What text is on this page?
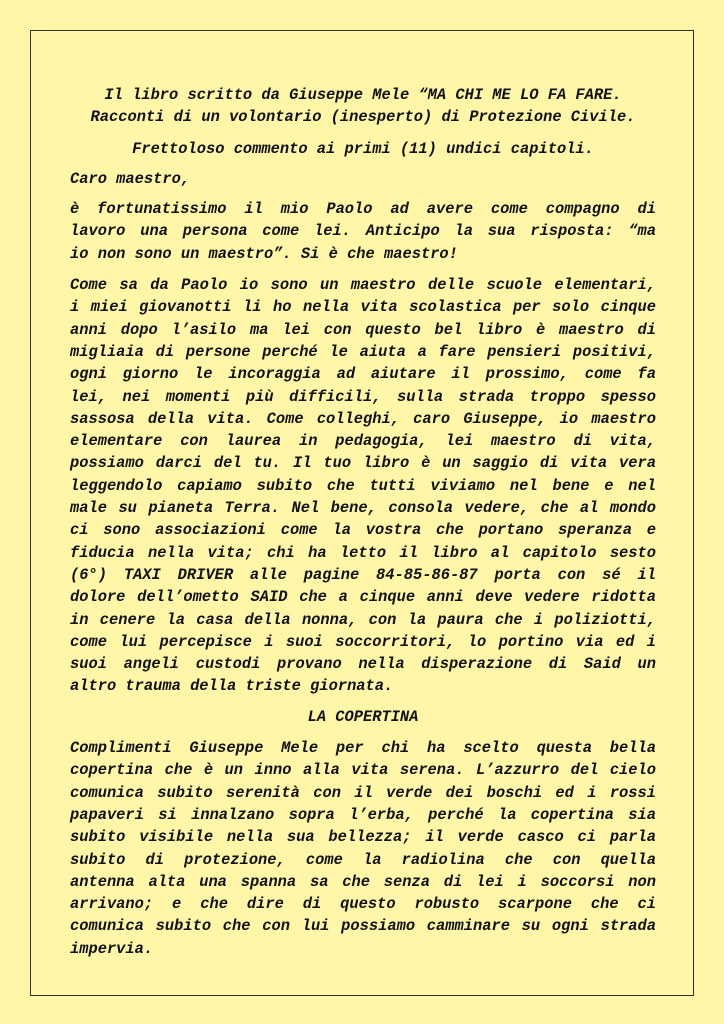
Il libro scritto da Giuseppe Mele “MA CHI ME LO FA FARE.
Racconti di un volontario (inesperto) di Protezione Civile.

Frettoloso commento ai primi (11) undici capitoli.

Caro maestro,

è fortunatissimo il mio Paolo ad avere come compagno di
lavoro una persona come lei. Anticipo la sua risposta: “ma
io non sono un maestro”. Si è che maestro!

Come sa da Paolo io sono un maestro delle scuole elementari,
i miei giovanotti li ho nella vita scolastica per solo cinque
anni dopo l’asilo ma lei con questo bel libro è maestro di
migliaia di persone perché le aiuta a fare pensieri positivi,
ogni giorno le incoraggia ad aiutare il prossimo, come fa
lei, nei momenti più difficili, sulla strada troppo spesso
sassosa della vita. Come colleghi, caro Giuseppe, io maestro
elementare con laurea in pedagogia, lei maestro di vita,
possiamo darci del tu. Il tuo libro è un saggio di vita vera
leggendolo capiamo subito che tutti viviamo nel bene e nel
male su pianeta Terra. Nel bene, consola vedere, che al mondo
ci sono associazioni come la vostra che portano speranza e
fiducia nella vita; chi ha letto il libro al capitolo sesto
(6°) TAXI DRIVER alle pagine 84-85-86-87 porta con sé il
dolore dell’ometto SAID che a cinque anni deve vedere ridotta
in cenere la casa della nonna, con la paura che i poliziotti,
come lui percepisce i suoi soccorritori, lo portino via ed i
suoi angeli custodi provano nella disperazione di Said un
altro trauma della triste giornata.

LA COPERTINA

Complimenti Giuseppe Mele per chi ha scelto questa bella
copertina che è un inno alla vita serena. L’azzurro del cielo
comunica subito serenità con il verde dei boschi ed i rossi
papaveri si innalzano sopra l’erba, perché la copertina sia
subito visibile nella sua bellezza; il verde casco ci parla
subito di protezione, come la radiolina che con quella
antenna alta una spanna sa che senza di lei i soccorsi non
arrivano; e che dire di questo robusto scarpone che ci
comunica subito che con lui possiamo camminare su ogni strada
impervia.
